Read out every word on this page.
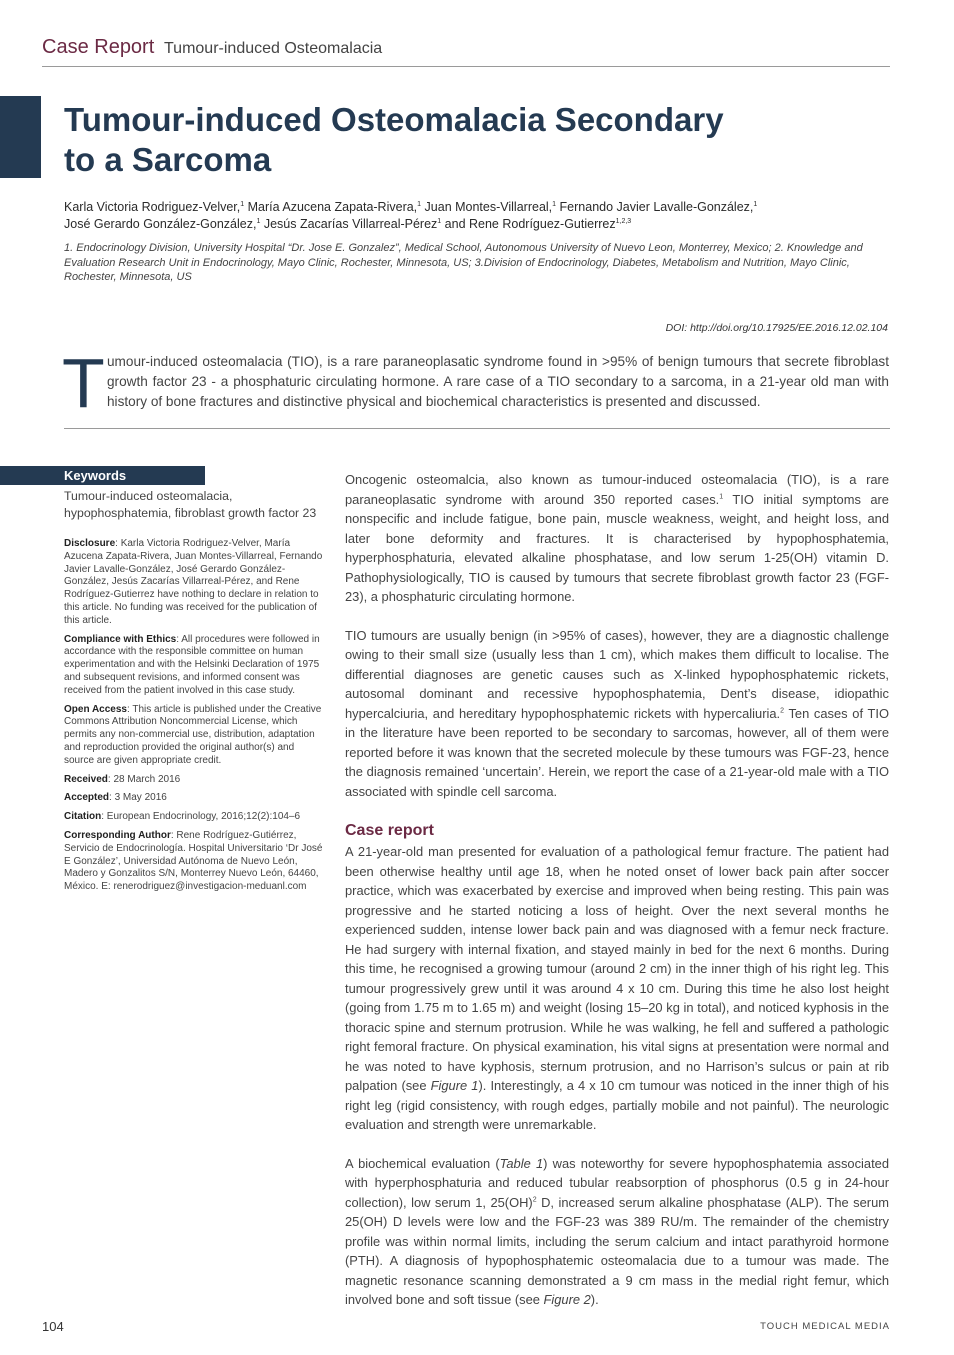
Case Report Tumour-induced Osteomalacia
Tumour-induced Osteomalacia Secondary
to a Sarcoma
Karla Victoria Rodriguez-Velver,$^1$ María Azucena Zapata-Rivera,$^1$ Juan Montes-Villarreal,$^1$ Fernando Javier Lavalle-González,$^1$
José Gerardo González-González,$^1$ Jesús Zacarías Villarreal-Pérez$^1$ and Rene Rodríguez-Gutierrez$^{1,2,3}$
1. Endocrinology Division, University Hospital “Dr. Jose E. Gonzalez”, Medical School, Autonomous University of Nuevo Leon, Monterrey, Mexico; 2. Knowledge and Evaluation Research Unit in Endocrinology, Mayo Clinic, Rochester, Minnesota, US; 3.Division of Endocrinology, Diabetes, Metabolism and Nutrition, Mayo Clinic, Rochester, Minnesota, US
DOI: http://doi.org/10.17925/EE.2016.12.02.104
T umour-induced osteomalacia (TIO), is a rare paraneoplasatic syndrome found in >95% of benign tumours that secrete fibroblast growth factor 23 - a phosphaturic circulating hormone. A rare case of a TIO secondary to a sarcoma, in a 21-year old man with history of bone fractures and distinctive physical and biochemical characteristics is presented and discussed.
Keywords
Tumour-induced osteomalacia, hypophosphatemia, fibroblast growth factor 23

Disclosure: Karla Victoria Rodriguez-Velver, María Azucena Zapata-Rivera, Juan Montes-Villarreal, Fernando Javier Lavalle-González, José Gerardo González-González, Jesús Zacarías Villarreal-Pérez, and Rene Rodríguez-Gutierrez have nothing to declare in relation to this article. No funding was received for the publication of this article.

Compliance with Ethics: All procedures were followed in accordance with the responsible committee on human experimentation and with the Helsinki Declaration of 1975 and subsequent revisions, and informed consent was received from the patient involved in this case study.

Open Access: This article is published under the Creative Commons Attribution Noncommercial License, which permits any non-commercial use, distribution, adaptation and reproduction provided the original author(s) and source are given appropriate credit.

Received: 28 March 2016

Accepted: 3 May 2016

Citation: European Endocrinology, 2016;12(2):104–6

Corresponding Author: Rene Rodríguez-Gutiérrez, Servicio de Endocrinología. Hospital Universitario ‘Dr José E González’, Universidad Autónoma de Nuevo León, Madero y Gonzalitos S/N, Monterrey Nuevo León, 64460, México. E: renerodriguez@investigacion-meduanl.com

Oncogenic osteomalcia, also known as tumour-induced osteomalacia (TIO), is a rare paraneoplasatic syndrome with around 350 reported cases.$^1$ TIO initial symptoms are nonspecific and include fatigue, bone pain, muscle weakness, weight, and height loss, and later bone deformity and fractures. It is characterised by hypophosphatemia, hyperphosphaturia, elevated alkaline phosphatase, and low serum 1-25(OH) vitamin D. Pathophysiologically, TIO is caused by tumours that secrete fibroblast growth factor 23 (FGF-23), a phosphaturic circulating hormone.

TIO tumours are usually benign (in >95% of cases), however, they are a diagnostic challenge owing to their small size (usually less than 1 cm), which makes them difficult to localise. The differential diagnoses are genetic causes such as X-linked hypophosphatemic rickets, autosomal dominant and recessive hypophosphatemia, Dent’s disease, idiopathic hypercalciuria, and hereditary hypophosphatemic rickets with hypercaliuria.$^2$ Ten cases of TIO in the literature have been reported to be secondary to sarcomas, however, all of them were reported before it was known that the secreted molecule by these tumours was FGF-23, hence the diagnosis remained ‘uncertain’. Herein, we report the case of a 21-year-old male with a TIO associated with spindle cell sarcoma.

Case report

A 21-year-old man presented for evaluation of a pathological femur fracture. The patient had been otherwise healthy until age 18, when he noted onset of lower back pain after soccer practice, which was exacerbated by exercise and improved when being resting. This pain was progressive and he started noticing a loss of height. Over the next several months he experienced sudden, intense lower back pain and was diagnosed with a femur neck fracture. He had surgery with internal fixation, and stayed mainly in bed for the next 6 months. During this time, he recognised a growing tumour (around 2 cm) in the inner thigh of his right leg. This tumour progressively grew until it was around 4 x 10 cm. During this time he also lost height (going from 1.75 m to 1.65 m) and weight (losing 15–20 kg in total), and noticed kyphosis in the thoracic spine and sternum protrusion. While he was walking, he fell and suffered a pathologic right femoral fracture. On physical examination, his vital signs at presentation were normal and he was noted to have kyphosis, sternum protrusion, and no Harrison’s sulcus or pain at rib palpation (see Figure 1). Interestingly, a 4 x 10 cm tumour was noticed in the inner thigh of his right leg (rigid consistency, with rough edges, partially mobile and not painful). The neurologic evaluation and strength were unremarkable.

A biochemical evaluation (Table 1) was noteworthy for severe hypophosphatemia associated with hyperphosphaturia and reduced tubular reabsorption of phosphorus (0.5 g in 24-hour collection), low serum 1, 25(OH)$^2$ D, increased serum alkaline phosphatase (ALP). The serum 25(OH) D levels were low and the FGF-23 was 389 RU/m. The remainder of the chemistry profile was within normal limits, including the serum calcium and intact parathyroid hormone (PTH). A diagnosis of hypophosphatemic osteomalacia due to a tumour was made. The magnetic resonance scanning demonstrated a 9 cm mass in the medial right femur, which involved bone and soft tissue (see Figure 2).

104	TOUCH MEDICAL MEDIA
